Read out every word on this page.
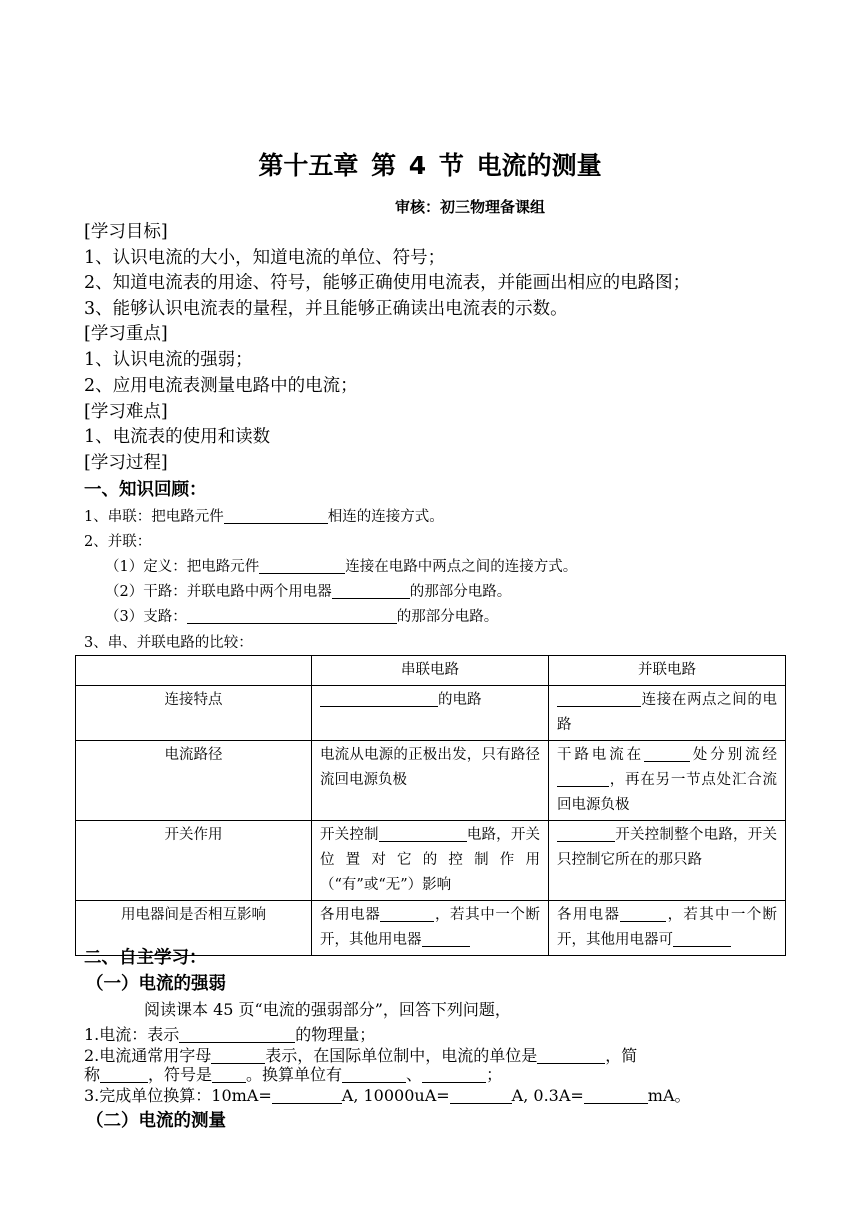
第十五章 第 4 节 电流的测量
审核：初三物理备课组
[学习目标]
1、认识电流的大小，知道电流的单位、符号；
2、知道电流表的用途、符号，能够正确使用电流表，并能画出相应的电路图；
3、能够认识电流表的量程，并且能够正确读出电流表的示数。
[学习重点]
1、认识电流的强弱；
2、应用电流表测量电路中的电流；
[学习难点]
1、电流表的使用和读数
[学习过程]
一、知识回顾：
1、串联：把电路元件	相连的连接方式。
2、并联：
（1）定义：把电路元件	连接在电路中两点之间的连接方式。
（2）干路：并联电路中两个用电器	的那部分电路。
（3）支路：	的那部分电路。
3、串、并联电路的比较：
	串联电路	并联电路
连接特点	的电路	连接在两点之间的电路
电流路径	电流从电源的正极出发，只有路径流回电源负极	干路电流在 处分别流经，再在另一节点处汇合流回电源负极
开关作用	开关控制 电路，开关位置对它的控制作用（“有”或“无”）影响	开关控制整个电路，开关只控制它所在的那只路
用电器间是否相互影响	各用电器 ，若其中一个断开，其他用电器	各用电器 ，若其中一个断开，其他用电器可
二、自主学习：
（一）电流的强弱
阅读课本 45 页“电流的强弱部分”，回答下列问题，
1.电流：表示	的物理量；
2.电流通常用字母	表示，在国际单位制中，电流的单位是	，简
称	，符号是 。换算单位有	、	；
3.完成单位换算：10mA=	A, 10000uA=	A, 0.3A=	mA。
（二）电流的测量
